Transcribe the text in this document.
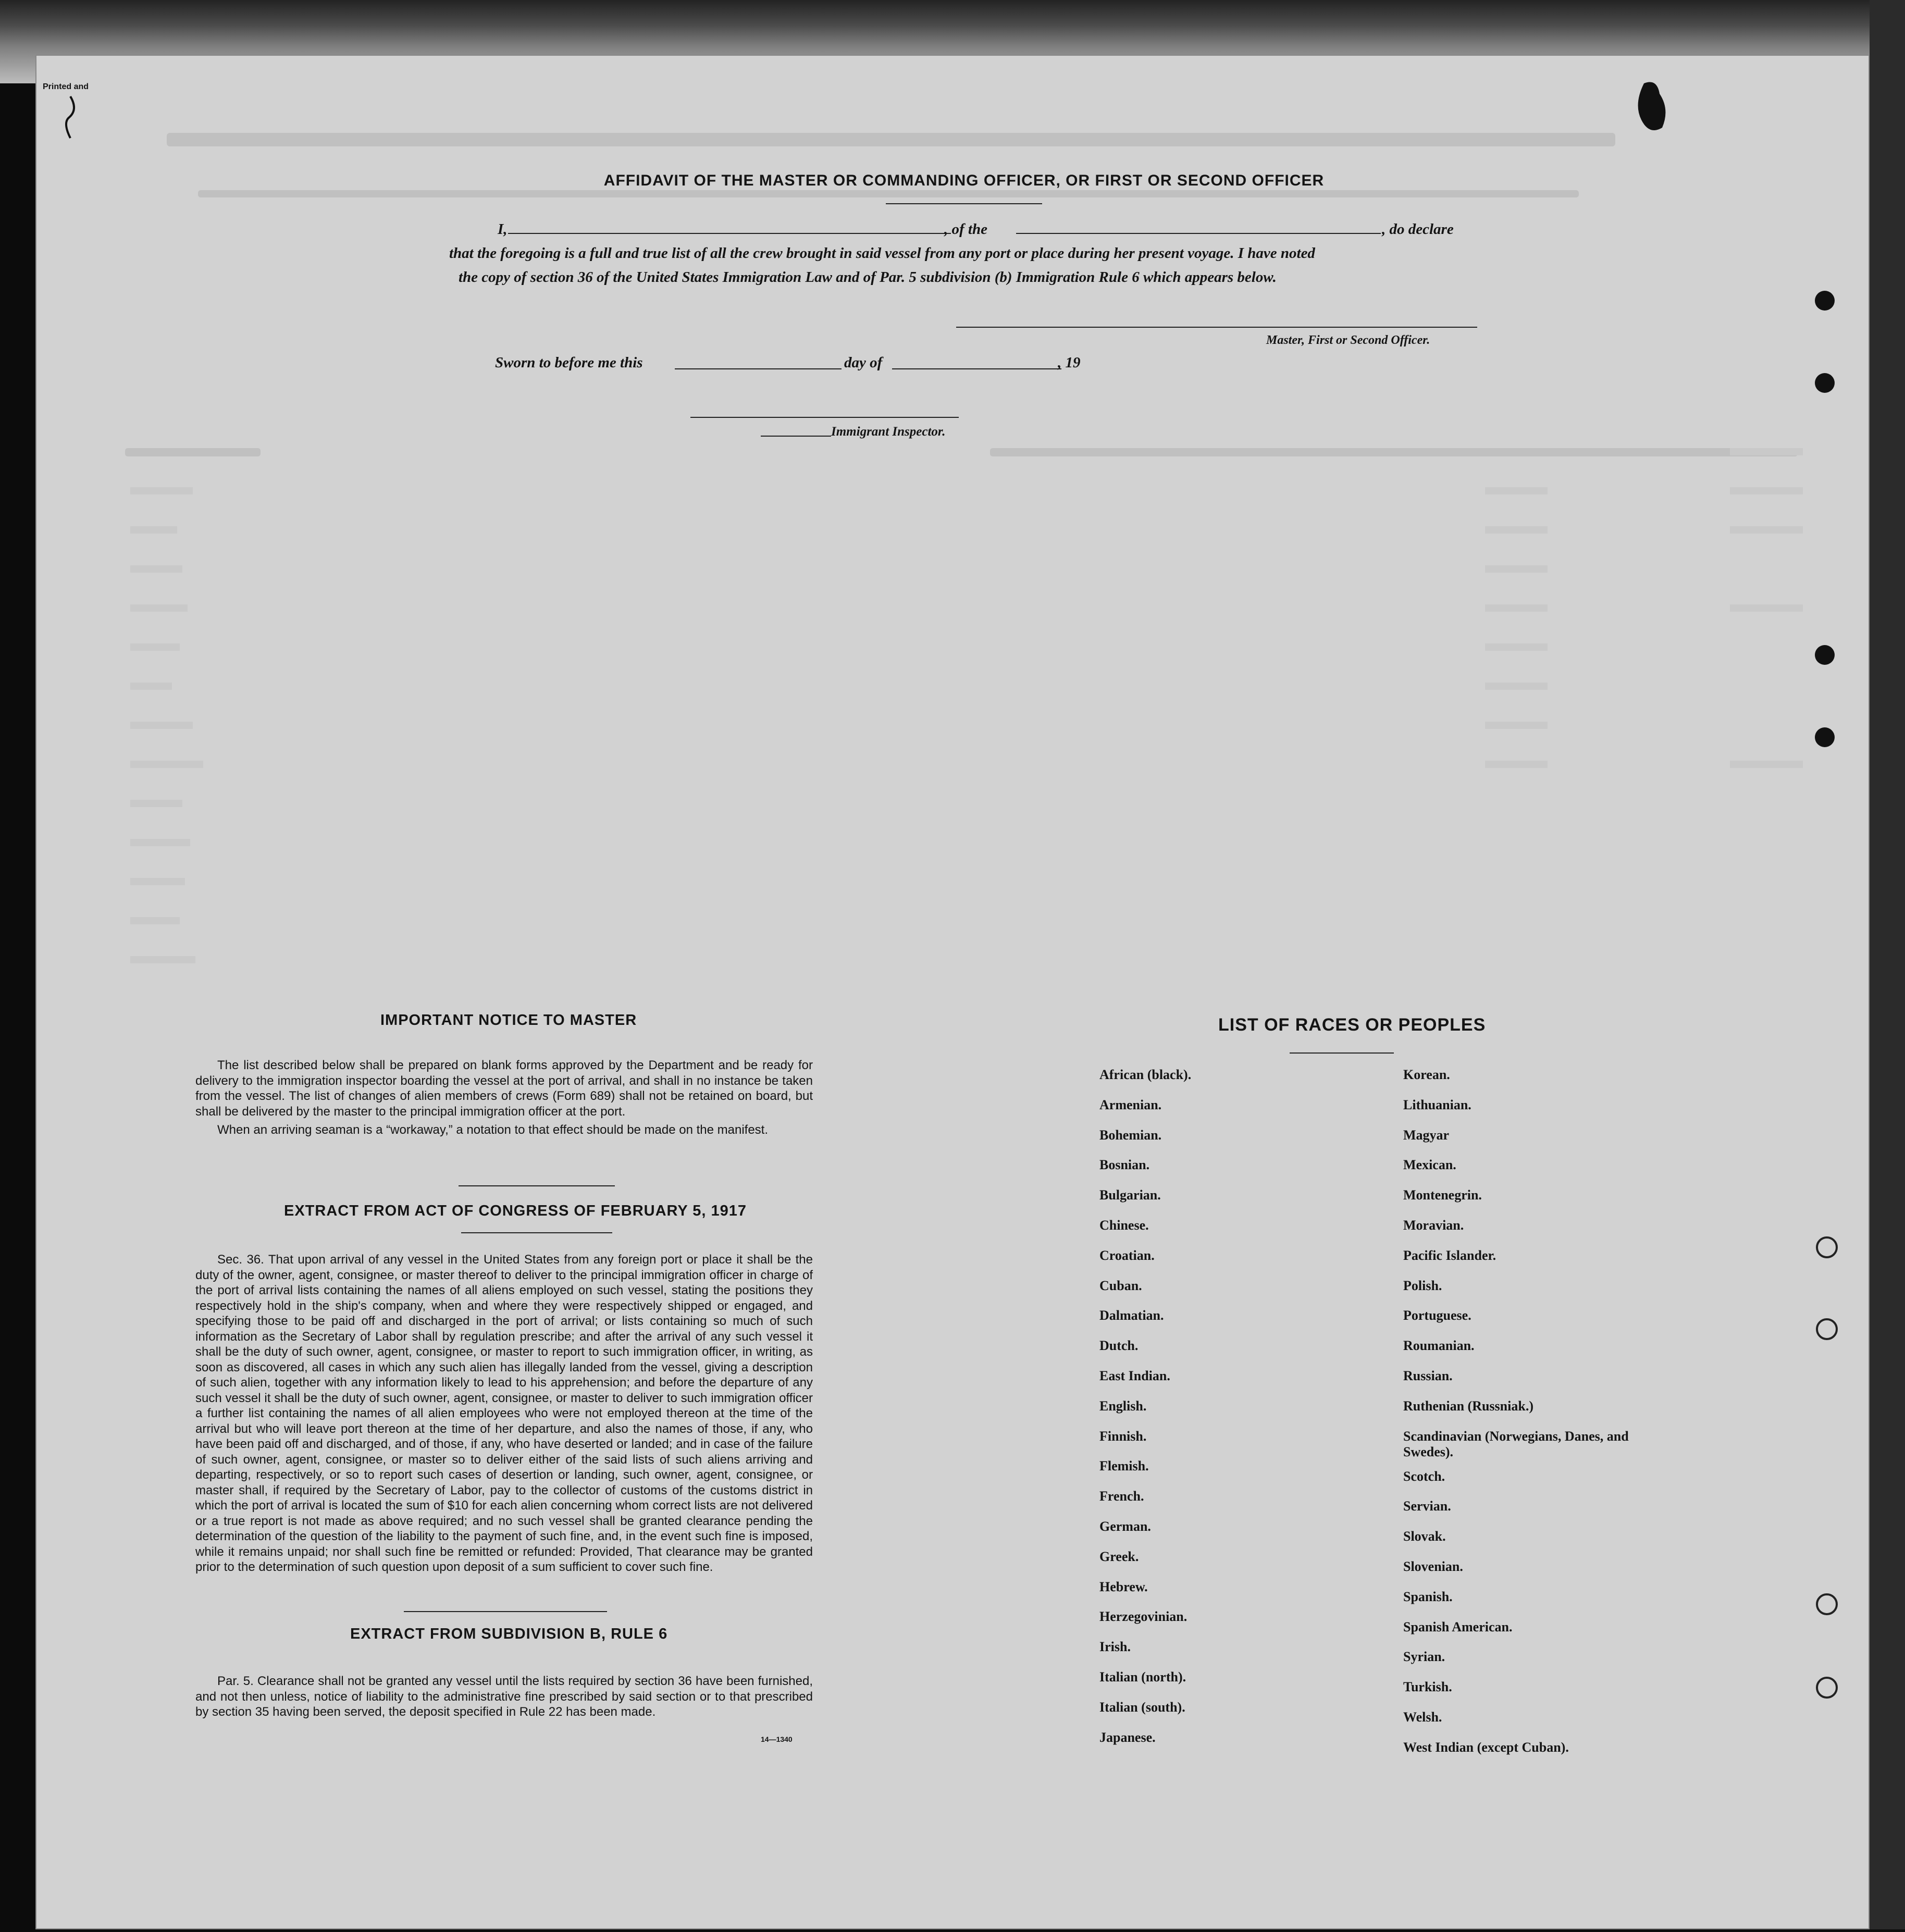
Printed and
AFFIDAVIT OF THE MASTER OR COMMANDING OFFICER, OR FIRST OR SECOND OFFICER
I,	, of the	, do declare
that the foregoing is a full and true list of all the crew brought in said vessel from any port or place during her present voyage. I have noted
the copy of section 36 of the United States Immigration Law and of Par. 5 subdivision (b) Immigration Rule 6 which appears below.
Master, First or Second Officer.
Sworn to before me this	day of	, 19
Immigrant Inspector.
IMPORTANT NOTICE TO MASTER
The list described below shall be prepared on blank forms approved by the Department and be ready for delivery to the immigration inspector boarding the vessel at the port of arrival, and shall in no instance be taken from the vessel. The list of changes of alien members of crews (Form 689) shall not be retained on board, but shall be delivered by the master to the principal immigration officer at the port.
When an arriving seaman is a “workaway,” a notation to that effect should be made on the manifest.
EXTRACT FROM ACT OF CONGRESS OF FEBRUARY 5, 1917
Sec. 36. That upon arrival of any vessel in the United States from any foreign port or place it shall be the duty of the owner, agent, consignee, or master thereof to deliver to the principal immigration officer in charge of the port of arrival lists containing the names of all aliens employed on such vessel, stating the positions they respectively hold in the ship's company, when and where they were respectively shipped or engaged, and specifying those to be paid off and discharged in the port of arrival; or lists containing so much of such information as the Secretary of Labor shall by regulation prescribe; and after the arrival of any such vessel it shall be the duty of such owner, agent, consignee, or master to report to such immigration officer, in writing, as soon as discovered, all cases in which any such alien has illegally landed from the vessel, giving a description of such alien, together with any information likely to lead to his apprehension; and before the departure of any such vessel it shall be the duty of such owner, agent, consignee, or master to deliver to such immigration officer a further list containing the names of all alien employees who were not employed thereon at the time of the arrival but who will leave port thereon at the time of her departure, and also the names of those, if any, who have been paid off and discharged, and of those, if any, who have deserted or landed; and in case of the failure of such owner, agent, consignee, or master so to deliver either of the said lists of such aliens arriving and departing, respectively, or so to report such cases of desertion or landing, such owner, agent, consignee, or master shall, if required by the Secretary of Labor, pay to the collector of customs of the customs district in which the port of arrival is located the sum of $10 for each alien concerning whom correct lists are not delivered or a true report is not made as above required; and no such vessel shall be granted clearance pending the determination of the question of the liability to the payment of such fine, and, in the event such fine is imposed, while it remains unpaid; nor shall such fine be remitted or refunded: Provided, That clearance may be granted prior to the determination of such question upon deposit of a sum sufficient to cover such fine.
EXTRACT FROM SUBDIVISION B, RULE 6
Par. 5. Clearance shall not be granted any vessel until the lists required by section 36 have been furnished, and not then unless, notice of liability to the administrative fine prescribed by said section or to that prescribed by section 35 having been served, the deposit specified in Rule 22 has been made.
14—1340
LIST OF RACES OR PEOPLES
African (black).
Armenian.
Bohemian.
Bosnian.
Bulgarian.
Chinese.
Croatian.
Cuban.
Dalmatian.
Dutch.
East Indian.
English.
Finnish.
Flemish.
French.
German.
Greek.
Hebrew.
Herzegovinian.
Irish.
Italian (north).
Italian (south).
Japanese.
Korean.
Lithuanian.
Magyar
Mexican.
Montenegrin.
Moravian.
Pacific Islander.
Polish.
Portuguese.
Roumanian.
Russian.
Ruthenian (Russniak.)
Scandinavian (Norwegians, Danes, and Swedes).
Scotch.
Servian.
Slovak.
Slovenian.
Spanish.
Spanish American.
Syrian.
Turkish.
Welsh.
West Indian (except Cuban).
